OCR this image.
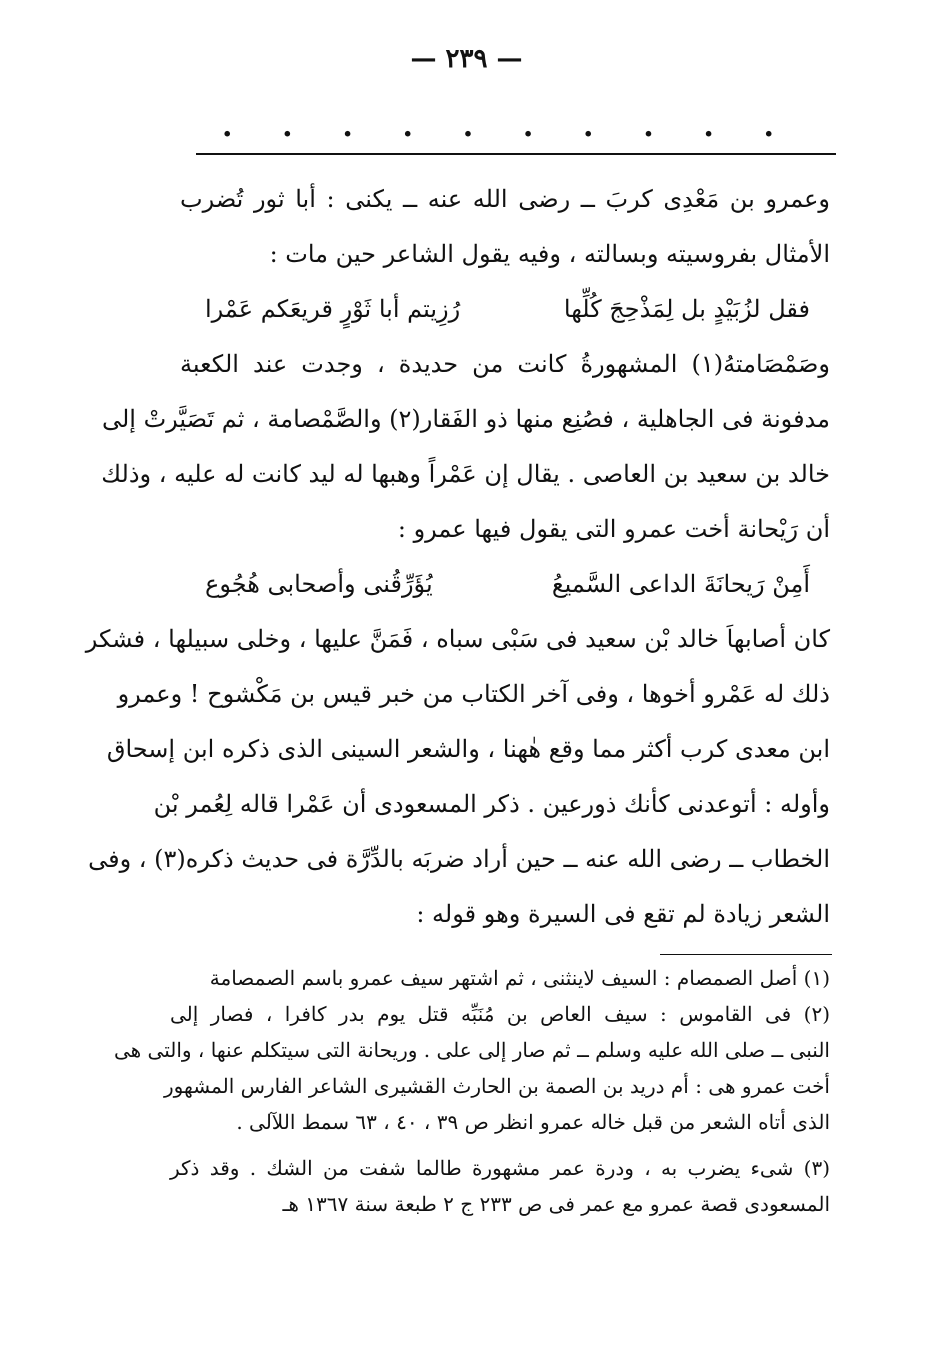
— ٢٣٩ —
. . . . . . . . . .
وعمرو بن مَعْدِى كربَ ــ رضى الله عنه ــ يكنى : أبا ثور تُضرب
الأمثال بفروسيته وبسالته ، وفيه يقول الشاعر حين مات :
فقل لزُبَيْدٍ بل لِمَذْحِجَ كُلِّها
رُزِيتم أبا ثَوْرٍ قريعَكم عَمْرا
وصَمْصَامتهُ(١) المشهورةُ كانت من حديدة ، وجدت عند الكعبة
مدفونة فى الجاهلية ، فصُنِع منها ذو الفَقار(٢) والصَّمْصامة ، ثم تَصَيَّرتْ إلى
خالد بن سعيد بن العاصى . يقال إن عَمْراً وهبها له ليد كانت له عليه ، وذلك
أن رَيْحانة أخت عمرو التى يقول فيها عمرو :
أَمِنْ رَيحانَةَ الداعى السَّميعُ
يُؤَرِّقُنى وأصحابى هُجُوع
كان أصابهاَ خالد بْن سعيد فى سَبْى سباه ، فَمَنَّ عليها ، وخلى سبيلها ، فشكر
ذلك له عَمْرو أخوها ، وفى آخر الكتاب من خبر قيس بن مَكْشوح ! وعمرو
ابن معدى كرب أكثر مما وقع هٰهنا ، والشعر السينى الذى ذكره ابن إسحاق
وأوله : أتوعدنى كأنك ذورعين . ذكر المسعودى أن عَمْرا قاله لِعُمر بْن
الخطاب ــ رضى الله عنه ــ حين أراد ضربَه بالدِّرَّة فى حديث ذكره(٣) ، وفى
الشعر زيادة لم تقع فى السيرة وهو قوله :
(١) أصل الصمصام : السيف لاينثنى ، ثم اشتهر سيف عمرو باسم الصمصامة
(٢) فى القاموس : سيف العاص بن مُنَبِّه قتل يوم بدر كافرا ، فصار إلى
النبى ــ صلى الله عليه وسلم ــ ثم صار إلى على . وريحانة التى سيتكلم عنها ، والتى هى
أخت عمرو هى : أم دريد بن الصمة بن الحارث القشيرى الشاعر الفارس المشهور
الذى أتاه الشعر من قبل خاله عمرو انظر ص ٣٩ ، ٤٠ ، ٦٣ سمط اللآلى .
(٣) شىء يضرب به ، ودرة عمر مشهورة طالما شفت من الشك . وقد ذكر
المسعودى قصة عمرو مع عمر فى ص ٢٣٣ ج ٢ طبعة سنة ١٣٦٧ هـ
